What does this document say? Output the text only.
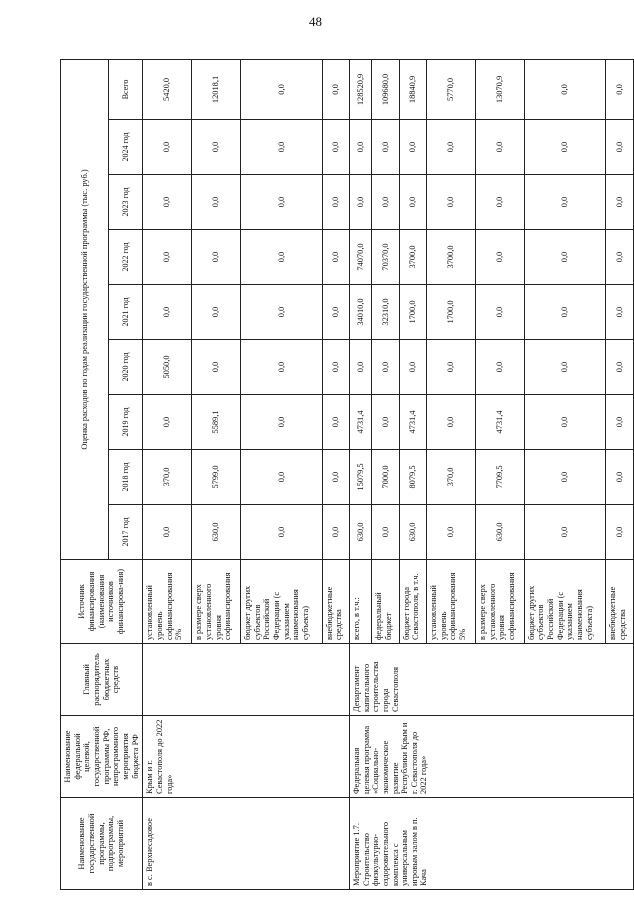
48
Наименование государственной программы, подпрограммы, мероприятий	Наименование федеральной целевой, государственной программы РФ, непрограммного мероприятия бюджета РФ	Главный распорядитель бюджетных средств	Источник финансирования (наименования источников финансирова-ния)	Оценка расходов по годам реализации государственной программы (тыс. руб.)								
				2017 год	2018 год	2019 год	2020 год	2021 год	2022 год	2023 год	2024 год	Всего
в с. Верхнесадовое	Крым и г. Севастополя до 2022 года»		установленный уровень софинансирования 5%	0,0	370,0	0,0	5050,0	0,0	0,0	0,0	0,0	5420,0
			в размере сверх установленного уровня софинансирования	630,0	5799,0	5589,1	0,0	0,0	0,0	0,0	0,0	12018,1
			бюджет других субъектов Российской Федерации (с указанием наименования субъекта)	0,0	0,0	0,0	0,0	0,0	0,0	0,0	0,0	0,0
			внебюджетные средства	0,0	0,0	0,0	0,0	0,0	0,0	0,0	0,0	0,0
Мероприятие 1.7. Строительство физкультурно-оздоровительного комплекса с универсальным игровым залом в п. Кача	Федеральная целевая программа «Социально-экономическое развитие Республики Крым и г. Севастополя до 2022 года»	Департамент капитального строительства города Севастополя	всего, в т.ч.:	630,0	15079,5	4731,4	0,0	34010,0	74070,0	0,0	0,0	128520,9
			федеральный бюджет	0,0	7000,0	0,0	0,0	32310,0	70370,0	0,0	0,0	109680,0
			бюджет города Севастополя, в т.ч.	630,0	8079,5	4731,4	0,0	1700,0	3700,0	0,0	0,0	18840,9
			установленный уровень софинансирования 5%	0,0	370,0	0,0	0,0	1700,0	3700,0	0,0	0,0	5770,0
			в размере сверх установленного уровня софинансирования	630,0	7709,5	4731,4	0,0	0,0	0,0	0,0	0,0	13070,9
			бюджет других субъектов Российской Федерации (с указанием наименования субъекта)	0,0	0,0	0,0	0,0	0,0	0,0	0,0	0,0	0,0
			внебюджетные средства	0,0	0,0	0,0	0,0	0,0	0,0	0,0	0,0	0,0
